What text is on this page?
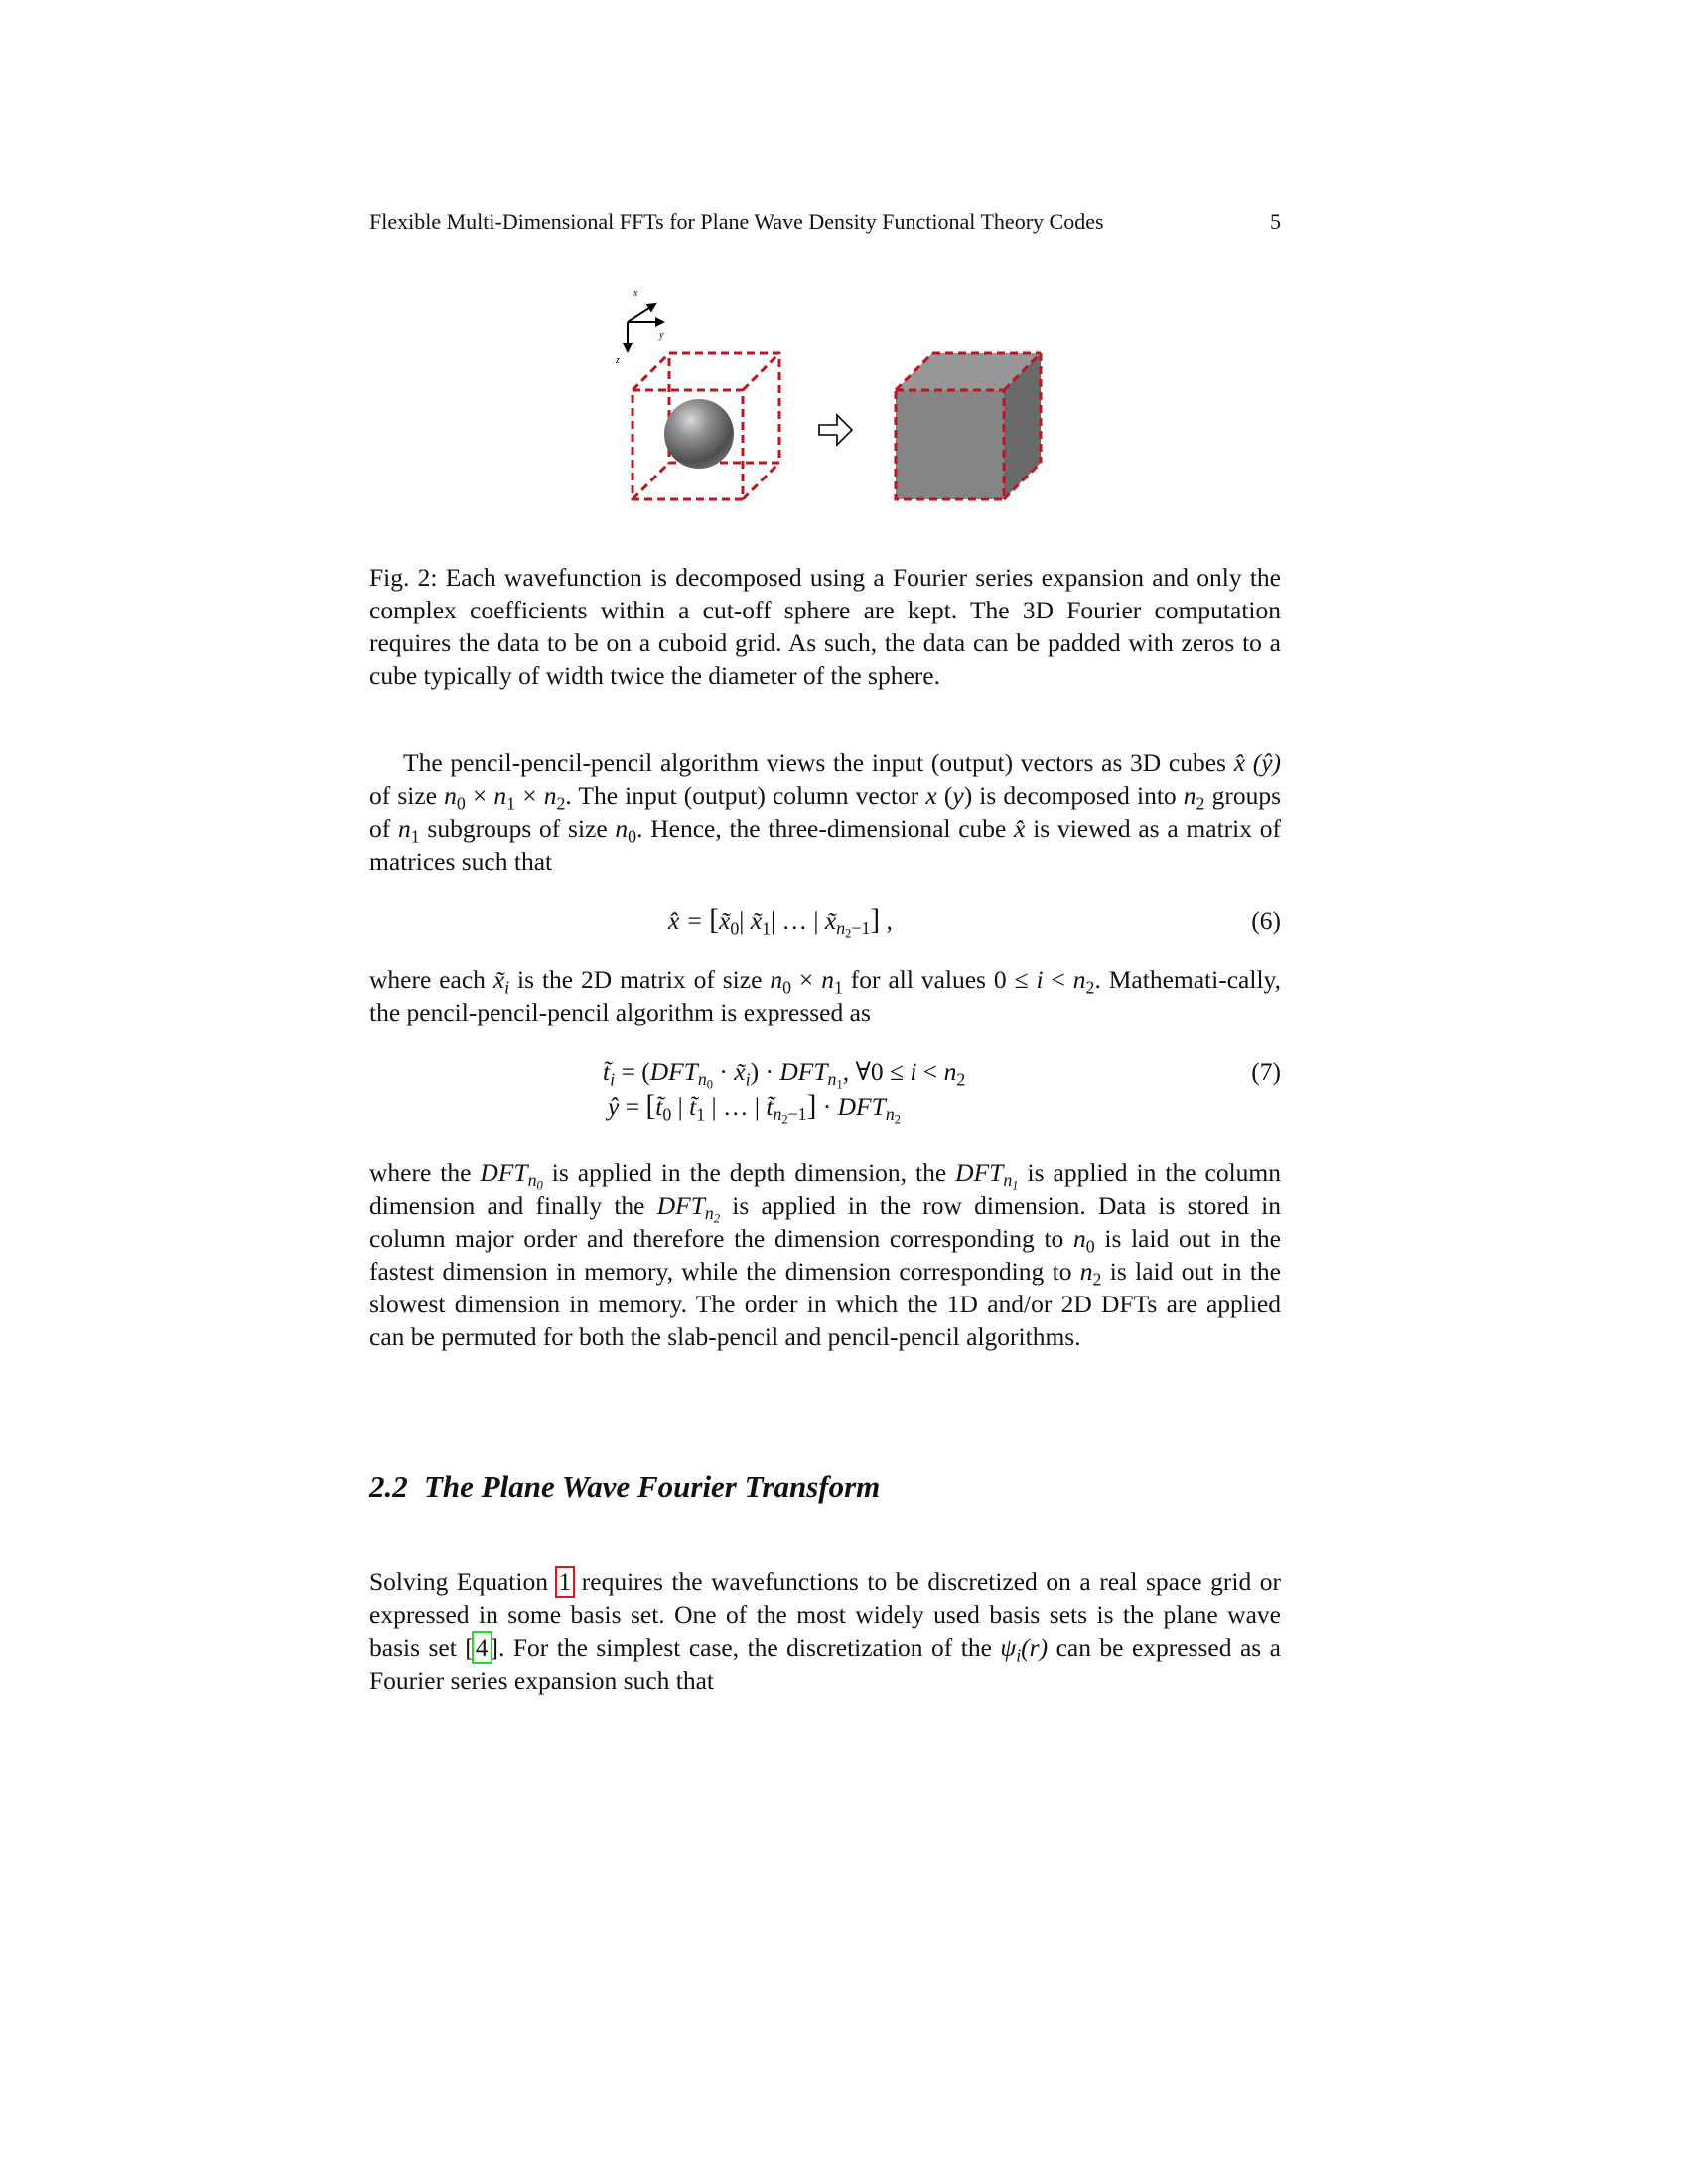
Flexible Multi-Dimensional FFTs for Plane Wave Density Functional Theory Codes	5
x
y
z
Fig. 2: Each wavefunction is decomposed using a Fourier series expansion and only the complex coefficients within a cut-off sphere are kept. The 3D Fourier computation requires the data to be on a cuboid grid. As such, the data can be padded with zeros to a cube typically of width twice the diameter of the sphere.
The pencil-pencil-pencil algorithm views the input (output) vectors as 3D cubes x̂ (ŷ) of size $n_0 \times n_1 \times n_2$. The input (output) column vector x (y) is decomposed into $n_2$ groups of $n_1$ subgroups of size $n_0$. Hence, the three-dimensional cube x̂ is viewed as a matrix of matrices such that
x̂ = [$x̃_0|$ $x̃_1|$ … | $x̃_{n_2-1}$] ,	(6)
where each $x̃_i$ is the 2D matrix of size $n_0 \times n_1$ for all values $0 \le i < n_2$. Mathemati-cally, the pencil-pencil-pencil algorithm is expressed as
$t̃_i = (DFT_{n_0}$ · $x̃_i) \cdot DFT_{n_1}$, ∀0 ≤ $i < n_2$
ŷ = [$t̃_0$ | $t̃_1$ | … | $t̃_{n_2-1}] \cdot DFT_{n_2}$
(7)
where the $DFT_{n_0}$ is applied in the depth dimension, the $DFT_{n_1}$ is applied in the column dimension and finally the $DFT_{n_2}$ is applied in the row dimension. Data is stored in column major order and therefore the dimension corresponding to $n_0$ is laid out in the fastest dimension in memory, while the dimension corresponding to $n_2$ is laid out in the slowest dimension in memory. The order in which the 1D and/or 2D DFTs are applied can be permuted for both the slab-pencil and pencil-pencil algorithms.
2.2 The Plane Wave Fourier Transform
Solving Equation 1 requires the wavefunctions to be discretized on a real space grid or expressed in some basis set. One of the most widely used basis sets is the plane wave basis set [4]. For the simplest case, the discretization of the $\psi_i(r)$ can be expressed as a Fourier series expansion such that
